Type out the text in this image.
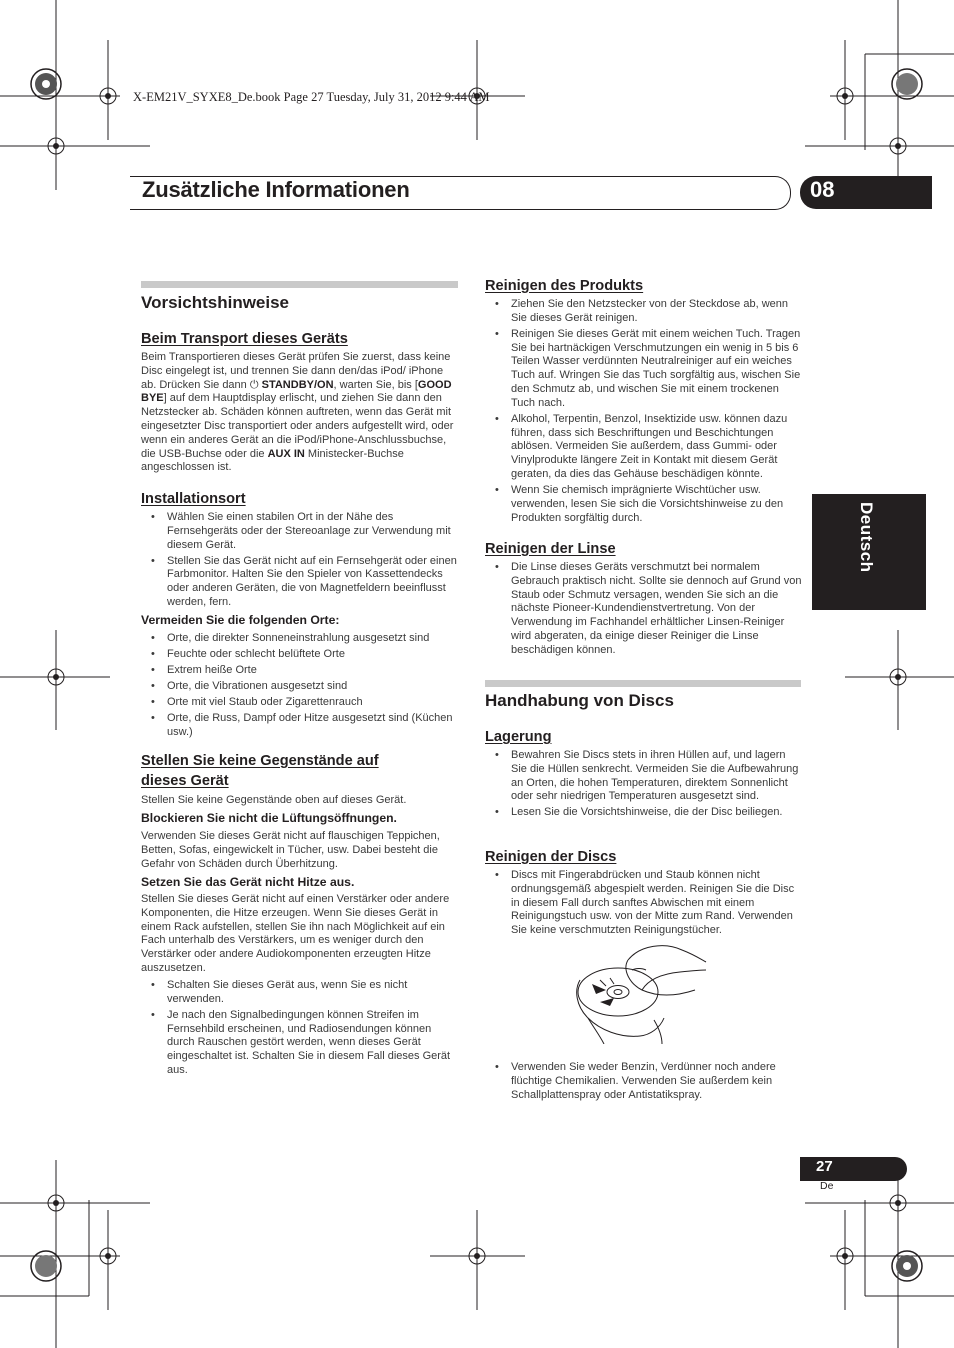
X-EM21V_SYXE8_De.book Page 27 Tuesday, July 31, 2012 9:44 AM
Zusätzliche Informationen	08
Deutsch
Vorsichtshinweise
Beim Transport dieses Geräts

Beim Transportieren dieses Gerät prüfen Sie zuerst, dass keine Disc eingelegt ist, und trennen Sie dann den/das iPod/ iPhone ab. Drücken Sie dann ⏻ STANDBY/ON, warten Sie, bis [GOOD BYE] auf dem Hauptdisplay erlischt, und ziehen Sie dann den Netzstecker ab. Schäden können auftreten, wenn das Gerät mit eingesetzter Disc transportiert oder anders aufgestellt wird, oder wenn ein anderes Gerät an die iPod/iPhone-Anschlussbuchse, die USB-Buchse oder die AUX IN Ministecker-Buchse angeschlossen ist.

Installationsort
• Wählen Sie einen stabilen Ort in der Nähe des Fernsehgeräts oder der Stereoanlage zur Verwendung mit diesem Gerät.
• Stellen Sie das Gerät nicht auf ein Fernsehgerät oder einen Farbmonitor. Halten Sie den Spieler von Kassettendecks oder anderen Geräten, die von Magnetfeldern beeinflusst werden, fern.
Vermeiden Sie die folgenden Orte:
• Orte, die direkter Sonneneinstrahlung ausgesetzt sind
• Feuchte oder schlecht belüftete Orte
• Extrem heiße Orte
• Orte, die Vibrationen ausgesetzt sind
• Orte mit viel Staub oder Zigarettenrauch
• Orte, die Russ, Dampf oder Hitze ausgesetzt sind (Küchen usw.)
Stellen Sie keine Gegenstände auf
dieses Gerät

Stellen Sie keine Gegenstände oben auf dieses Gerät.

Blockieren Sie nicht die Lüftungsöffnungen.

Verwenden Sie dieses Gerät nicht auf flauschigen Teppichen, Betten, Sofas, eingewickelt in Tücher, usw. Dabei besteht die Gefahr von Schäden durch Überhitzung.

Setzen Sie das Gerät nicht Hitze aus.

Stellen Sie dieses Gerät nicht auf einen Verstärker oder andere Komponenten, die Hitze erzeugen. Wenn Sie dieses Gerät in einem Rack aufstellen, stellen Sie ihn nach Möglichkeit auf ein Fach unterhalb des Verstärkers, um es weniger durch den Verstärker oder andere Audiokomponenten erzeugten Hitze auszusetzen.

• Schalten Sie dieses Gerät aus, wenn Sie es nicht verwenden.
• Je nach den Signalbedingungen können Streifen im Fernsehbild erscheinen, und Radiosendungen können durch Rauschen gestört werden, wenn dieses Gerät eingeschaltet ist. Schalten Sie in diesem Fall dieses Gerät aus.
Reinigen des Produkts
• Ziehen Sie den Netzstecker von der Steckdose ab, wenn Sie dieses Gerät reinigen.
• Reinigen Sie dieses Gerät mit einem weichen Tuch. Tragen Sie bei hartnäckigen Verschmutzungen ein wenig in 5 bis 6 Teilen Wasser verdünnten Neutralreiniger auf ein weiches Tuch auf. Wringen Sie das Tuch sorgfältig aus, wischen Sie den Schmutz ab, und wischen Sie mit einem trockenen Tuch nach.
• Alkohol, Terpentin, Benzol, Insektizide usw. können dazu führen, dass sich Beschriftungen und Beschichtungen ablösen. Vermeiden Sie außerdem, dass Gummi- oder Vinylprodukte längere Zeit in Kontakt mit diesem Gerät geraten, da dies das Gehäuse beschädigen könnte.
• Wenn Sie chemisch imprägnierte Wischtücher usw. verwenden, lesen Sie sich die Vorsichtshinweise zu den Produkten sorgfältig durch.
Reinigen der Linse
• Die Linse dieses Geräts verschmutzt bei normalem Gebrauch praktisch nicht. Sollte sie dennoch auf Grund von Staub oder Schmutz versagen, wenden Sie sich an die nächste Pioneer-Kundendienstvertretung. Von der Verwendung im Fachhandel erhältlicher Linsen-Reiniger wird abgeraten, da einige dieser Reiniger die Linse beschädigen können.
Handhabung von Discs
Lagerung
• Bewahren Sie Discs stets in ihren Hüllen auf, und lagern Sie die Hüllen senkrecht. Vermeiden Sie die Aufbewahrung an Orten, die hohen Temperaturen, direktem Sonnenlicht oder sehr niedrigen Temperaturen ausgesetzt sind.
• Lesen Sie die Vorsichtshinweise, die der Disc beiliegen.
Reinigen der Discs
• Discs mit Fingerabdrücken und Staub können nicht ordnungsgemäß abgespielt werden. Reinigen Sie die Disc in diesem Fall durch sanftes Abwischen mit einem Reinigungstuch usw. von der Mitte zum Rand. Verwenden Sie keine verschmutzten Reinigungstücher.
• Verwenden Sie weder Benzin, Verdünner noch andere flüchtige Chemikalien. Verwenden Sie außerdem kein Schallplattenspray oder Antistatikspray.
27
De
